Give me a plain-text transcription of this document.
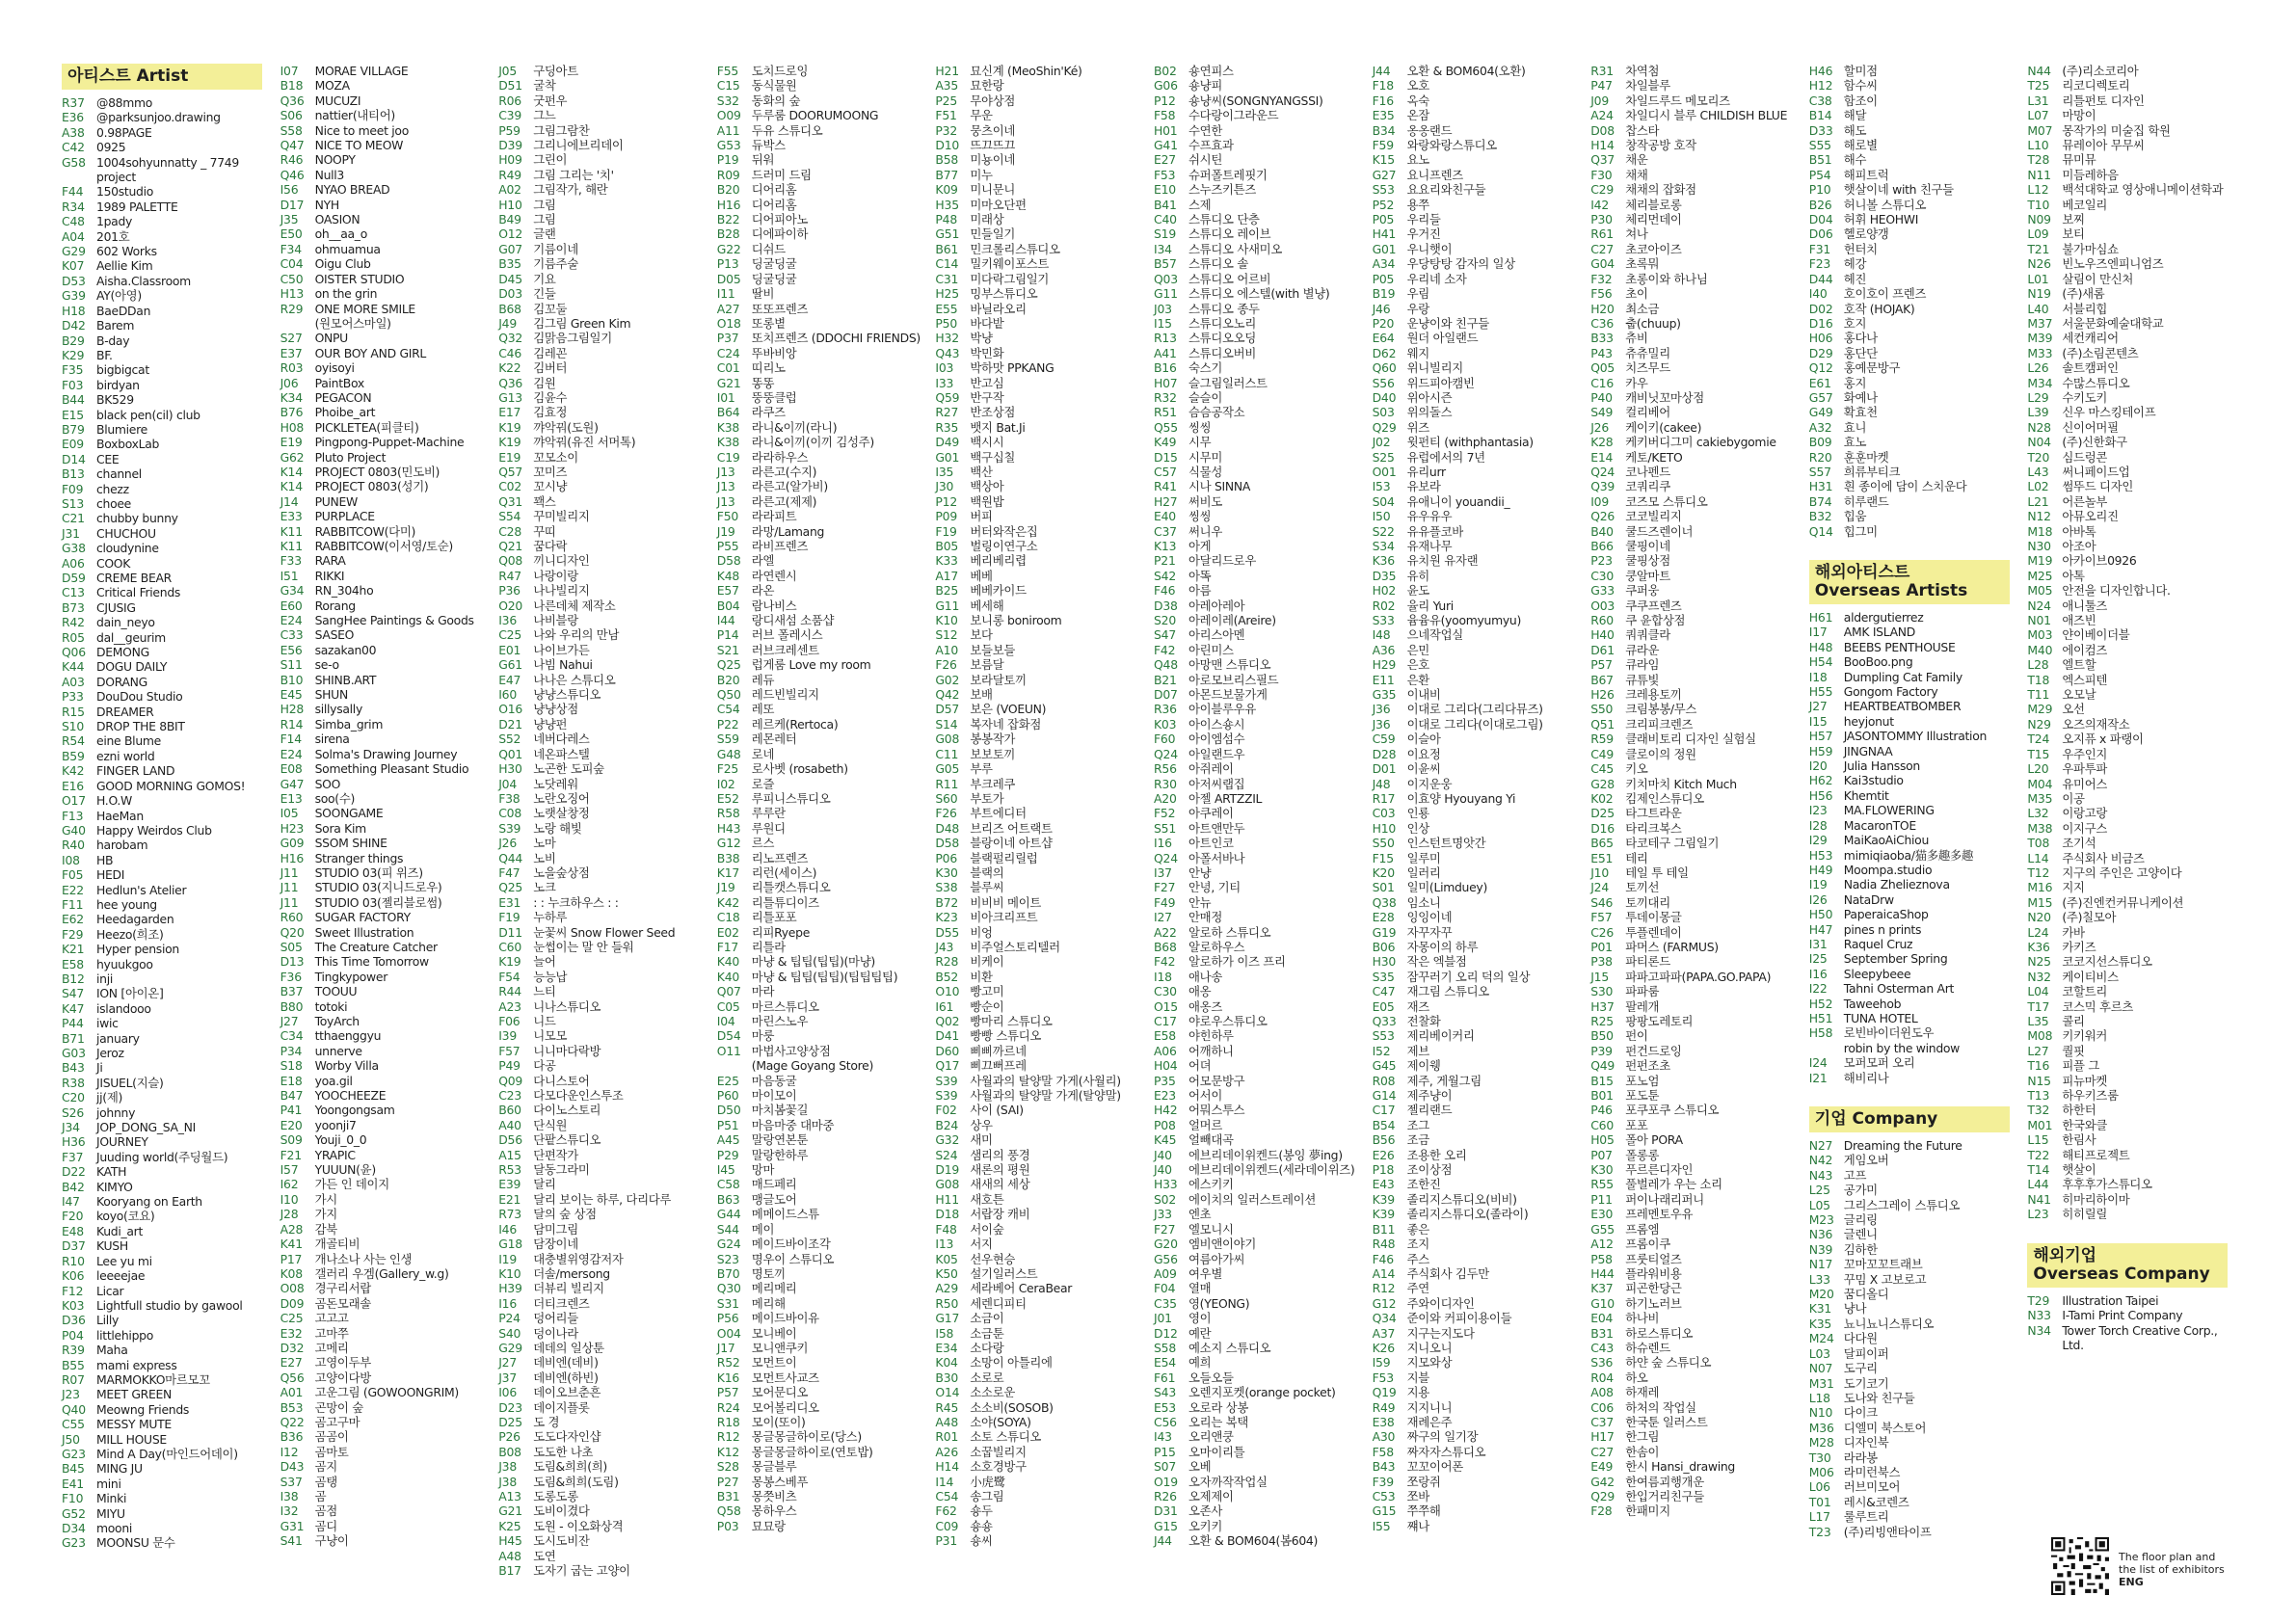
아티스트 Artist
R37 @88mmo
E36	@parksunjoo.drawing
A38 0.98PAGE
C42 0925
G58 1004sohyunnatty _ 7749
project
F44	150studio
R34 1989 PALETTE
C48 1pady
A04 201호
G29 602 Works
K07	Aellie Kim
D53 Aisha.Classroom
G39 AY(아영)
H18 BaeDDan
D42 Barem
B29 B-day
K29	BF.
F35	bigbigcat
F03	birdyan
B44 BK529
E15	black pen(cil) club
B79 Blumiere
E09	BoxboxLab
D14 CEE
B13 channel
F09	chezz
S13	choee
C21 chubby bunny
J31	CHUCHOU
G38 cloudynine
A06 COOK
D59 CREME BEAR
C13 Critical Friends
B73 CJUSIG
R42 dain_neyo
R05 dal__geurim
Q06 DEMONG
K44	DOGU DAILY
A03 DORANG
P33	DouDou Studio
R15 DREAMER
S10	DROP THE 8BIT
R54 eine Blume
B59 ezni world
K42	FINGER LAND
E16	GOOD MORNING GOMOS!
O17 H.O.W
F13	HaeMan
G40 Happy Weirdos Club
R40 harobam
I08	HB
F05	HEDI
E22	Hedlun's Atelier
F11	hee young
E62	Heedagarden
F29	Heezo(희조)
K21	Hyper pension
E58	hyuukgoo
B12 inji
S47	ION [아이온]
K47	islandooo
P44	iwic
B71 january
G03 Jeroz
B43 Ji
R38 JISUEL(지슬)
C20 jj(제)
S26	johnny
J34	JOP_DONG_SA_NI
H36 JOURNEY
F37	Juuding world(주딩월드)
D22 KATH
B42 KIMYO
I47	Kooryang on Earth
F20	koyo(코요)
E48	Kudi_art
D37 KUSH
R10 Lee yu mi
K06	leeeejae
F12	Licar
K03	Lightfull studio by gawool
D36 Lilly
P04	littlehippo
R39 Maha
B55 mami express
R07 MARMOKKO마르모꼬
J23	MEET GREEN
Q40 Meowng Friends
C55 MESSY MUTE
J50	MILL HOUSE
G23 Mind A Day(마인드어데이)
B45 MING JU
E41	mini
F10	Minki
G52 MIYU
D34 mooni
G23 MOONSU 문수
I07	MORAE VILLAGE
B18 MOZA
Q36 MUCUZI
S06	nattier(내티어)
S58	Nice to meet joo
Q47 NICE TO MEOW
R46 NOOPY
Q46 Null3
I56	NYAO BREAD
D17 NYH
J35	OASION
E50	oh__aa_o
F34	ohmuamua
C04 Oigu Club
C50 OISTER STUDIO
H13 on the grin
R29 ONE MORE SMILE
(원모어스마일)
S27	ONPU
E37	OUR BOY AND GIRL
R03 oyisoyi
J06	PaintBox
K34	PEGACON
B76 Phoibe_art
H08 PICKLETEA(피클티)
E19	Pingpong-Puppet-Machine
G62 Pluto Project
K14	PROJECT 0803(민도비)
K14	PROJECT 0803(성기)
J14	PUNEW
E33	PURPLACE
K11	RABBITCOW(다미)
K11	RABBITCOW(이서영/토순)
F33	RARA
I51	RIKKI
G34 RN_304ho
E60	Rorang
E24	SangHee Paintings & Goods
C33 SASEO
E56	sazakan00
S11	se-o
B10 SHINB.ART
E45	SHUN
H28 sillysally
R14 Simba_grim
F14	sirena
E24	Solma's Drawing Journey
E08	Something Pleasant Studio
G47 SOO
E13	soo(수)
I05	SOONGAME
H23 Sora Kim
G09 SSOM SHINE
H16 Stranger things
J11	STUDIO 03(피 위즈)
J11	STUDIO 03(지니드로우)
J11	STUDIO 03(젤리블로썸)
R60 SUGAR FACTORY
Q20 Sweet Illustration
S05	The Creature Catcher
D13 This Time Tomorrow
F36	Tingkypower
B37 TOOUU
B80 totoki
J27	ToyArch
C34 tthaenggyu
P34	unnerve
S18	Worby Villa
E18	yoa.gil
B47 YOOCHEEZE
P41	Yoongongsam
E20	yoonji7
S09	Youji_0_0
F21	YRAPIC
I57	YUUUN(윤)
I62	가든 인 데이지
I10	가시
J28	가지
A28 감북
K41	개골티비
P17	개나소나 사는 인생
K08	갤러리 우겜(Gallery_w.g)
O08 경구리서랍
D09 곰돈모래솔
C25 고고고
E32	고마쭈
D32 고메리
E27	고영이두부
Q56 고양이다방
A01 고운그림 (GOWOONGRIM)
B53 곤망이 숲
Q22 곰고구마
B36 곰곰이
I12	곰마토
D43 곰지
S37	곰탱
I38	곰
I32	곰점
G31 곰디
S41	구냥이
J05	구딩아트
D51 굴착
R06 굿펀우
C39 그느
P59	그림그람찬
D39 그리니에브리데이
H09 그린이
R49 그림 그리는 '치'
A02 그림작가, 해란
H10 그림
B49 그림
O12 글랜
G07 기름이네
B35 기름주술
D45 기요
D03 긴들
B68 김꼬둘
J49	김그림 Green Kim
Q32 김맑음그림일기
C46 김레꼰
K22	김버터
Q36 김원
G13 김윤수
E17	김효정
K19	꺄악꿔(도원)
K19	꺄악꿔(유진 서머톡)
E19	꼬모소이
Q57 꼬미즈
C02 꼬시냥
Q31 꽥스
S54	꾸미빌리지
C28 꾸띠
Q21 꿈다락
Q08 끼니디자인
R47 나랑이랑
P36	나나빌리지
O20 나른데체 제작소
I36	나비블랑
C25 나와 우리의 만남
E01	나이브가든
G61 나빔 Nahui
E47	나나은 스튜디오
I60	냥냥스튜디오
O16 냥냥상점
D21 냥냥펀
S52	네버다레스
Q01 네온파스텔
H30 노곤한 도피숲
J04	노닷레워
F38	노란오징어
C08 노랫살창정
S39	노랑 해빛
J26	노마
Q44 노비
F47	노을숲상점
Q25 노크
E31	: : 누크하우스 : :
F19	누하루
D11 눈꽃씨 Snow Flower Seed
C60 눈썹이는 말 안 들워
K19	늘어
F54	능능납
R44 느티
A23 니나스튜디오
F06	니드
I39	니모모
F57	니니마다락방
P49	다공
Q09 다니스토어
C23 다모다운인스투조
B60 다이노스토리
A40 단식원
D56 단팥스튜디오
A15 단편작가
R53 달동그라미
E39	달리
E21	달리 보이는 하루, 다리다루
R73 달의 숲 상점
I46	담미그림
G18 담장이네
I19	대충별위영감저자
K10	더솔/mersong
H39 더뷰리 빌리지
I16	더티크렌즈
P24	덩어리들
S40	덩이나라
G29 데데의 일상툰
J27	데비엔(데비)
J37	데비엔(하빈)
I06	데이오브춘흔
D23 데이지플롯
D25 도 경
P26	도도다자인샵
B08 도도한 나초
J38	도림&희희(희)
J38	도림&희희(도림)
A13 도롱도롱
G21 도비이겼다
K25	도원 - 이오화상격
H45 도시도비잔
A48 도연
B17 도자기 굽는 고양이
F55	도치드로잉
C15 동식물원
S32	동화의 숲
O09 두루룸 DOORUMOONG
A11 두유 스튜디오
G53 듀박스
P19	뒤워
R09 드러미 드림
B20 디어리홈
H16 디어리홈
B22 디어피아노
B28 디에파이하
G22 디쉬드
P13	딩굴딩굴
D05 딩굴딩굴
I11	딸비
A27 또또프렌즈
O18 또롱볕
P37	또치프렌즈 (DDOCHI FRIENDS)
C24 뚜바비앙
C01 띠리노
G21 똥똥
I01	뚱뚱클럽
B64 라쿠즈
K38	라니&이끼(라니)
K38	라니&이끼(이끼 김성주)
C19 라라하우스
J13	라른고(수지)
J13	라른고(알가비)
J13	라른고(제제)
F50	라라피트
J19	라망/Lamang
P55	라비프렌즈
D58 라엘
K48	라연렌시
E57	라온
B04 람나비스
I44	랑디새섬 소품샵
P14	러브 폴레시스
S21	러브크레센트
Q25 럽게룸 Love my room
B20 레듀
Q50 레드빈빌리지
C54 레또
P22	레르케(Rertoca)
S59	레몬레터
G48 로네
F25	로사벳 (rosabeth)
I02	로즐
E52	루피니스튜디오
R58 루루란
H43 루원디
G12 르스
B38 리노프렌즈
K17	리런(세이스)
J19	리틀캣스튜디오
K42	리틀튜디이즈
C18 리틀포포
E02	리피Ryepe
F17	리틀라
K40	마냥 & 팁팁(팁팁)(마냥)
K40	마냥 & 팁팁(팁팁)(팁팁팁팁)
Q07 마라
C05 마르스튜디오
I04	마린스노우
D54 마룽
O11 마법사고양상점
(Mage Goyang Store)
E25	마음동굴
P60	마이모이
D50 마치봄꽃길
P51	마음마중 대마중
A45 말랑연본툰
P29	말랑한하루
I45	망마
C58 매드페리
B63 맹글도어
G44 메메이드스튜
S44	메이
G24 메이드바이조각
S23	명우이 스튜디오
B70 명토끼
Q30 메리메리
S31	메리해
P56	메이드바이유
O04 모니베이
J17	모니앤쿠키
R52 모먼트이
K16	모먼트사교즈
P57	모어문디오
R24 모어볼리디오
R18 모이(또이)
R12 몽글몽글하이로(당스)
K12	몽글몽글하이로(연토밥)
S28	몽글블루
P27	몽봉스베푸
B31 몽쯧비츠
Q58 몽하우스
P03	묘묘랑
H21 묘신계 (MeoShin'Ké)
A35 묘한랑
P25	무야상점
F51	무운
P32	뭉츠이네
D10 뜨끄뜨끄
B58 미뇽이네
B77 미누
K09	미니문니
H35 미마오단편
P48	미래상
G51 민들일기
B61 민크롤리스튜디오
C14 밀키웨이포스트
C31 미다락그림일기
H25 밍부스튜디오
E55	바닐라오리
P50	바다밭
H32 박냥
Q43 박민화
I03	박하맛 PPKANG
I33	반고심
Q59 반구작
R27 반조상점
R35 뱃지 Bat.Ji
D49 백시시
G01 백구십칠
I35	백산
J30	백상아
P12	백원밥
P09	버피
F19	버터와작은집
B05 벌링이연구소
K33	베리베리렵
A17 베베
B25 베베카이드
G11 베세해
K10	보니롱 boniroom
S12	보다
A10 보들보들
F26	보름달
G02 보라달토끼
Q42 보배
D57 보은 (VOEUN)
S14	복자네 잡화점
G08 봉봉작가
C11 보보토끼
G05 부루
R11 부크레쿠
S60	부토가
F26	부트에디터
D48 브리즈 어트랙트
D58 블랑이네 아트샵
P06	블랙펄리릴럽
K30	블랙의
S38	블루씨
B72 비비비 메이트
K23	비아크리프트
D55 비엉
J43	비주얼스토리텔러
R28 비케이
B52 비환
O10 빵고미
I61	빵순이
Q02 빵마리 스튜디오
D41 빵빵 스튜디오
D60 삐삐까르네
Q17 삐끄뻐프레
S39	사월과의 탈양말 가게(사월리)
S39	사월과의 탈양말 가게(탈양말)
F02	사이 (SAI)
B24 상우
G32 새미
S24	샘리의 풍경
D19 새론의 평원
G08 새새의 세상
H11 새호튼
D18 서랍장 캐비
F48	서이숲
I13	서지
K05	선우현승
K50	설기일러스트
A29 세라베어 CeraBear
R50 세렌디피티
G17 소금이
I58	소금툰
E34	소다랑
K04	소망이 아틀리에
B30 소로로
O14 소소로운
R45 소소비(SOSOB)
A48 소야(SOYA)
R01 소토 스튜디오
A26 소꿉빌리지
H14 소호경방구
I14	小虎鹭
C54 송그림
F62	숑두
C09 숑숑
P31	숑씨
B02 숑연피스
G06 숑냥피
P12	숑냥씨(SONGNYANGSSI)
F58	수다랑이그라운드
H01 수연한
G41 수프효과
E27	쉬시틴
F53	슈퍼폴트레핏기
E10	스누즈키튼즈
B41 스제
C40 스튜디오 단층
S19	스튜디오 레이브
I34	스튜디오 사새미오
B57 스튜디오 솔
Q03 스튜디오 어르비
G11 스튜디오 에스텔(with 별냥)
J03	스튜디오 종두
I15	스튜디오노리
R13 스튜디오오딩
A41 스튜디오버비
B16 숙스기
H07 슬그림일러스트
R32 슬슬이
R51 슴슴공작소
Q55 씽씽
K49	시무
D15 시무미
C57 식물성
R41 시나 SINNA
H27 써비도
E40	씽씽
C37 써니우
K13	아게
P21	아달리드로우
S42	아똑
F46	아름
D38 아레아레아
S20	아레이레(Areire)
S47	아리스아멘
F42	아린미스
Q48 아망맨 스튜디오
B21 아로모브리스필드
D07 아몬드보물가게
R36 아이블루우유
K03	아이스숑시
F60	아이엠섬수
Q24 아일랜드우
R56 아쥐레이
R30 아저씨랩집
A20 아젤 ARTZZIL
F52	아쿠레이
S51	아트앤만두
I16	아트인코
Q24 아폴서바나
I37	안냥
F27	안녕, 기티
F49	안뉴
I27	안매정
A22 알로하 스튜디오
B68 알로하우스
F42	알로하가 이즈 프리
I18	애나송
C30 애옹
O15 애옹즈
C17 야로우스튜디오
E58	야힌하루
A06 어깨하니
H04 어뎌
P35	어모문방구
E23	어서이
H42 어뭐스투스
P08	얼머르
K45	얼빼대곡
J40	에브리데이위켄드(봉잉 夢ing)
J40	에브리데이위켄드(세라데이위즈)
H33 에스키키
S02	에이치의 일러스트레이션
J33	엔초
F27	엘모니시
G20 엠비앤이야기
G56 여름아가씨
A09 여우별
F04	열매
C35 영(YEONG)
J01	영이
D12 예란
S58	예소지 스튜디오
E54	예희
F61	오들오들
S43	오렌지포켓(orange pocket)
E53	오로라 상봉
C56 오리는 복택
I43	오리앤쿵
P15	오마이리틀
S07	오베
O19 오자까작작업실
R26 오제제이
D31 오존사
G15 오키키
J44	오환 & BOM604(봄604)
J44	오환 & BOM604(오환)
F18	오호
F16	옥숙
E35	온잠
B34 옹옹랜드
F59	와랑와랑스튜디오
K15	요노
G27 요니프렌즈
S53	요요리와친구들
P52	용쭈
P05	우리들
H41 우거진
G01 우니햇이
A34 우당탕탕 감자의 일상
P05	우리네 소자
B19 우림
J46	우랑
P20	운냥이와 친구들
E64	원더 아일랜드
D62 웨지
Q60 위니빌리지
S56	위드피아캠빈
D40 위아시즌
S03	위의돌스
Q29 위즈
J02	윗펀티 (withphantasia)
S25	유럽에서의 7년
O01 유리urr
I53	유보라
S04	유애니이 youandii_
I50	유우유우
S22	유유플코바
S34	유재나무
K36	유치원 유자랜
D35 유히
H02 윤도
R02 율리 Yuri
S33	윰윰유(yoomyumyu)
I48	으네작업실
A36 은민
H29 은호
E11	은환
G35 이내비
J36	이대로 그리다(그리다뮤즈)
J36	이대로 그리다(이대로그림)
C59 이슬아
D28 이요정
D01 이윤씨
J48	이지운웅
R17 이효양 Hyouyang Yi
C03 인룡
H10 인상
S50	인스턴트명앗간
F15	일루미
K20	일러리
S01	일미(Limduey)
Q38 임소니
E28	잉잉이네
G19 자꾸자꾸
B06 자몽이의 하루
H30 작은 엑블점
S35	잠꾸러기 오리 덕의 일상
C47 재그림 스튜디오
E05	재즈
Q33 전찰화
S53	제리베이커리
I52	제브
G45 제이웽
R08 제주, 게월그림
G14 제주냥이
C17 젤리랜드
B54 조그
B56 조금
E26	조용한 오리
P18	조이상점
E43	조한진
K39	졸리지스튜디오(비비)
K39	졸리지스튜디오(졸라이)
B11 좋은
R48 조지
F46	주스
A14 주식회사 김두만
R12 주연
G12 주와이디자인
Q34 준이와 커피이용이들
A37 지구는지도다
K26	지니오니
I59	지모와상
F53	지블
Q19 지용
R49 지지니니
E38	재례은주
A30 짜구의 일기장
F58	짜자자스튜디오
B43 꼬꼬이어폰
F39	쪼랑쥐
C53 쪼바
G15 쭈쭈해
I55	쨰나
R31 차역첨
P47	차일블루
J09	차일드루드 메모리즈
A24 차일디시 블루 CHILDISH BLUE
D08 찹스타
H14 창작공방 호작
Q37 채운
F30	채채
C29 채채의 잡화점
I42	체리블로롱
P30	체리먼데이
R61 쳐나
C27 초코아이즈
G04 초록뭐
F32	초롱이와 하나님
F56	초이
H20 최소금
C36 춥(chuup)
B33 츄비
P43	츄츄밀리
Q05 치즈무드
C16 카우
P40	캐비닛꼬마상점
S49	컬리베어
J26	케이키(cakee)
K28	케키버디그미 cakiebygomie
E14	케토/KETO
Q24 코나펜드
Q39 코쿼리쿠
I09	코즈모 스튜디오
Q26 코코빌리지
B40 쿨드즈렌이너
B66 쿨핑이네
P23	쿨핑상점
C30 쿵알마트
G33 쿠퍼웅
O03 쿠쿠프렌즈
R60 쿠 윤합상점
H40 쿼쿼클라
D61 큐라운
P57	큐라임
B67 큐튜빛
H26 크레용토끼
S50	크림봉봉/무스
Q51 크리피크렌즈
R59 클래비토리 디자인 실험실
C49 클로이의 정원
C45 키오
G28 키치마치 Kitch Much
K02	킴제인스튜디오
D25 타그트라운
D16 타리크복스
B65 타코테구 그림일기
E51	테리
J10	테일 투 테일
J24	토끼선
S46	토끼대리
F57	투데이몽글
C26 투플렌데이
P01	파머스 (FARMUS)
P38	파티론드
J15	파파고파파(PAPA.GO.PAPA)
S30	파파룸
H37 팔레개
R25 팡팡도레토리
B50 펀이
P39	펀건드로잉
Q49 펀펀조초
B15 포노엄
B01 포도툰
P46	포쿠포쿠 스튜디오
C60 포포
H05 폴아 PORA
P07	폴롱롱
K30	푸르른디자인
R55 풀벌레가 우는 소리
P11	퍼이나래리퍼니
E30	프레멘토우유
G55 프롬엠
A12 프롬이쿠
P58	프룻티얼즈
H44 플라워비용
K37	피곤한당근
G10 하기노러브
E04	하나비
B31 하로스튜디오
C43 하슈렌드
S36	하얀 숲 스튜디오
R04 하오
A08 하재레
C06 하처의 작업실
C37 한국툰 일러스트
H17 한그림
C27 한솜이
E49	한시 Hansi_drawing
G42 한여름괴행개운
Q29 한입거리친구들
F28	한패미지
H46 할미점
H12 함수씨
C38 함조이
B14 해달
D33 해도
S55	해로별
B51 해수
P54	해피트럭
P10	햇살이네 with 친구들
B26 허니볼 스튜디오
D04 허휘 HEOHWI
D06 헬로양갱
F31	헌터치
F23	헤강
D44 헤진
I40	호이호이 프렌즈
D02 호작 (HOJAK)
D16 호지
H06 홍다나
D29 홍단단
Q12 홍예문방구
E61	홍지
G57 화예나
G49 확효천
A32 효니
B09 효노
R20 훈훈마켓
S57	희류부티크
H31 흰 종이에 담이 스치운다
B74 히루랜드
B32 힙움
Q14 힙그미
해외아티스트
Overseas Artists
H61 aldergutierrez
I17	AMK ISLAND
H48 BEEBS PENTHOUSE
H54 BooBoo.png
I18	Dumpling Cat Family
H55 Gongom Factory
J27	HEARTBEATBOMBER
I15	heyjonut
H57 JASONTOMMY Illustration
H59 JINGNAA
I20	Julia Hansson
H62 Kai3studio
H56 Khemtit
I23	MA.FLOWERING
I28	MacaronTOE
I29	MaiKaoAiChiou
H53 mimiqiaoba/猫多趣多趣
H49 Moompa.studio
I19	Nadia Zhelieznova
I26	NataDrw
H50 PaperaicaShop
H47 pines n prints
I31	Raquel Cruz
I25	September Spring
I16	Sleepybeee
I22	Tahni Osterman Art
H52 Taweehob
H51 TUNA HOTEL
H58 로빈바이더윈도우
robin by the window
I24	모퍼모퍼 오리
I21	해비리나
기업 Company
N27 Dreaming the Future
N42 게임오버
N43 고프
L25	공가미
L05	그리스그레이 스튜디오
M23 글리링
N36 글렌니
N39 김하한
N17 꼬마꼬꼬트래브
L33	꾸밈 X 고보로고
M20 꿈디올디
K31	냥나
K35	뇨니뇨니스튜디오
M24 다다원
L03	달피이퍼
N07 도구리
M31 도기코기
L18	도나와 친구들
N10 다이크
M36 디엘미 북스토어
M28 디자인북
T30	라라봉
M06 라미런북스
L06	러브미모어
T01	레시&코렌즈
L17	룰루트리
T23	(주)리빙앤타이프
N44 (주)리소코리아
T25	리코디렉토리
L31	리틀펀토 디자인
L07	마망이
M07 몽작가의 미술집 학원
L10	뮤레이아 무무씨
T28	뮤미뮤
N11 미듬레하음
L12	백석대학교 영상애니메이션학과
T10	베코일리
N09 보찌
L09	보티
T21	불가마심쇼
N26 빈노우즈엔피니엄즈
L01	살림이 만신처
N19 (주)새롬
L40	서블리힙
M37 서울문화예술대학교
M39 세컨캐리어
M33 (주)소림콘텐츠
L26	솔트캠퍼인
M34 수많스튜디오
L29	수키도키
L39	신우 마스킹테이프
N28 신이어머필
N04 (주)신한화구
T20	심드렁콘
L43	써니페이드업
L02	썸뚜드 디자인
L21	어른놀부
N12 아뮤오리진
M18 아바톡
N30 아조아
M19 아카이브0926
M25 아톡
M05 안전을 디자인합니다.
N24 애니툴즈
N01 애즈빈
M03 얀이베이더블
M40 에이컴즈
L28	엘트할
T18	엑스피텐
T11	오모날
M29 오선
N29 오즈의재작소
T24	오지퓨 x 파랭이
T15	우주인지
L20	우파투파
M04 유미어스
M35 이공
L32	이랑고랑
M38 이지구스
T08	조기석
L14	주식회사 비금즈
T12	지구의 주인은 고양이다
M16 지지
M15 (주)진엔컨커뮤니케이션
N20 (주)칠모아
L24	카바
K36	카키즈
N25 코코지선스튜디오
N32 케이티비스
L04	코할트리
T17	코스믹 후르츠
L35	콜리
M08 키키워커
L27	퀄핏
T16	피플 그
N15 피뉴마켓
T13	하우키즈룸
T32	하한터
M01 한국와클
L15	한림사
T22	해티프로젝트
T14	햇살이
L44	후후후가스튜디오
N41 히마리하이마
L23	히히릴릴
해외기업
Overseas Company
T29	Illustration Taipei
N33 I-Tami Print Company
N34 Tower Torch Creative Corp.,
Ltd.
The floor plan and
the list of exhibitors
ENG
